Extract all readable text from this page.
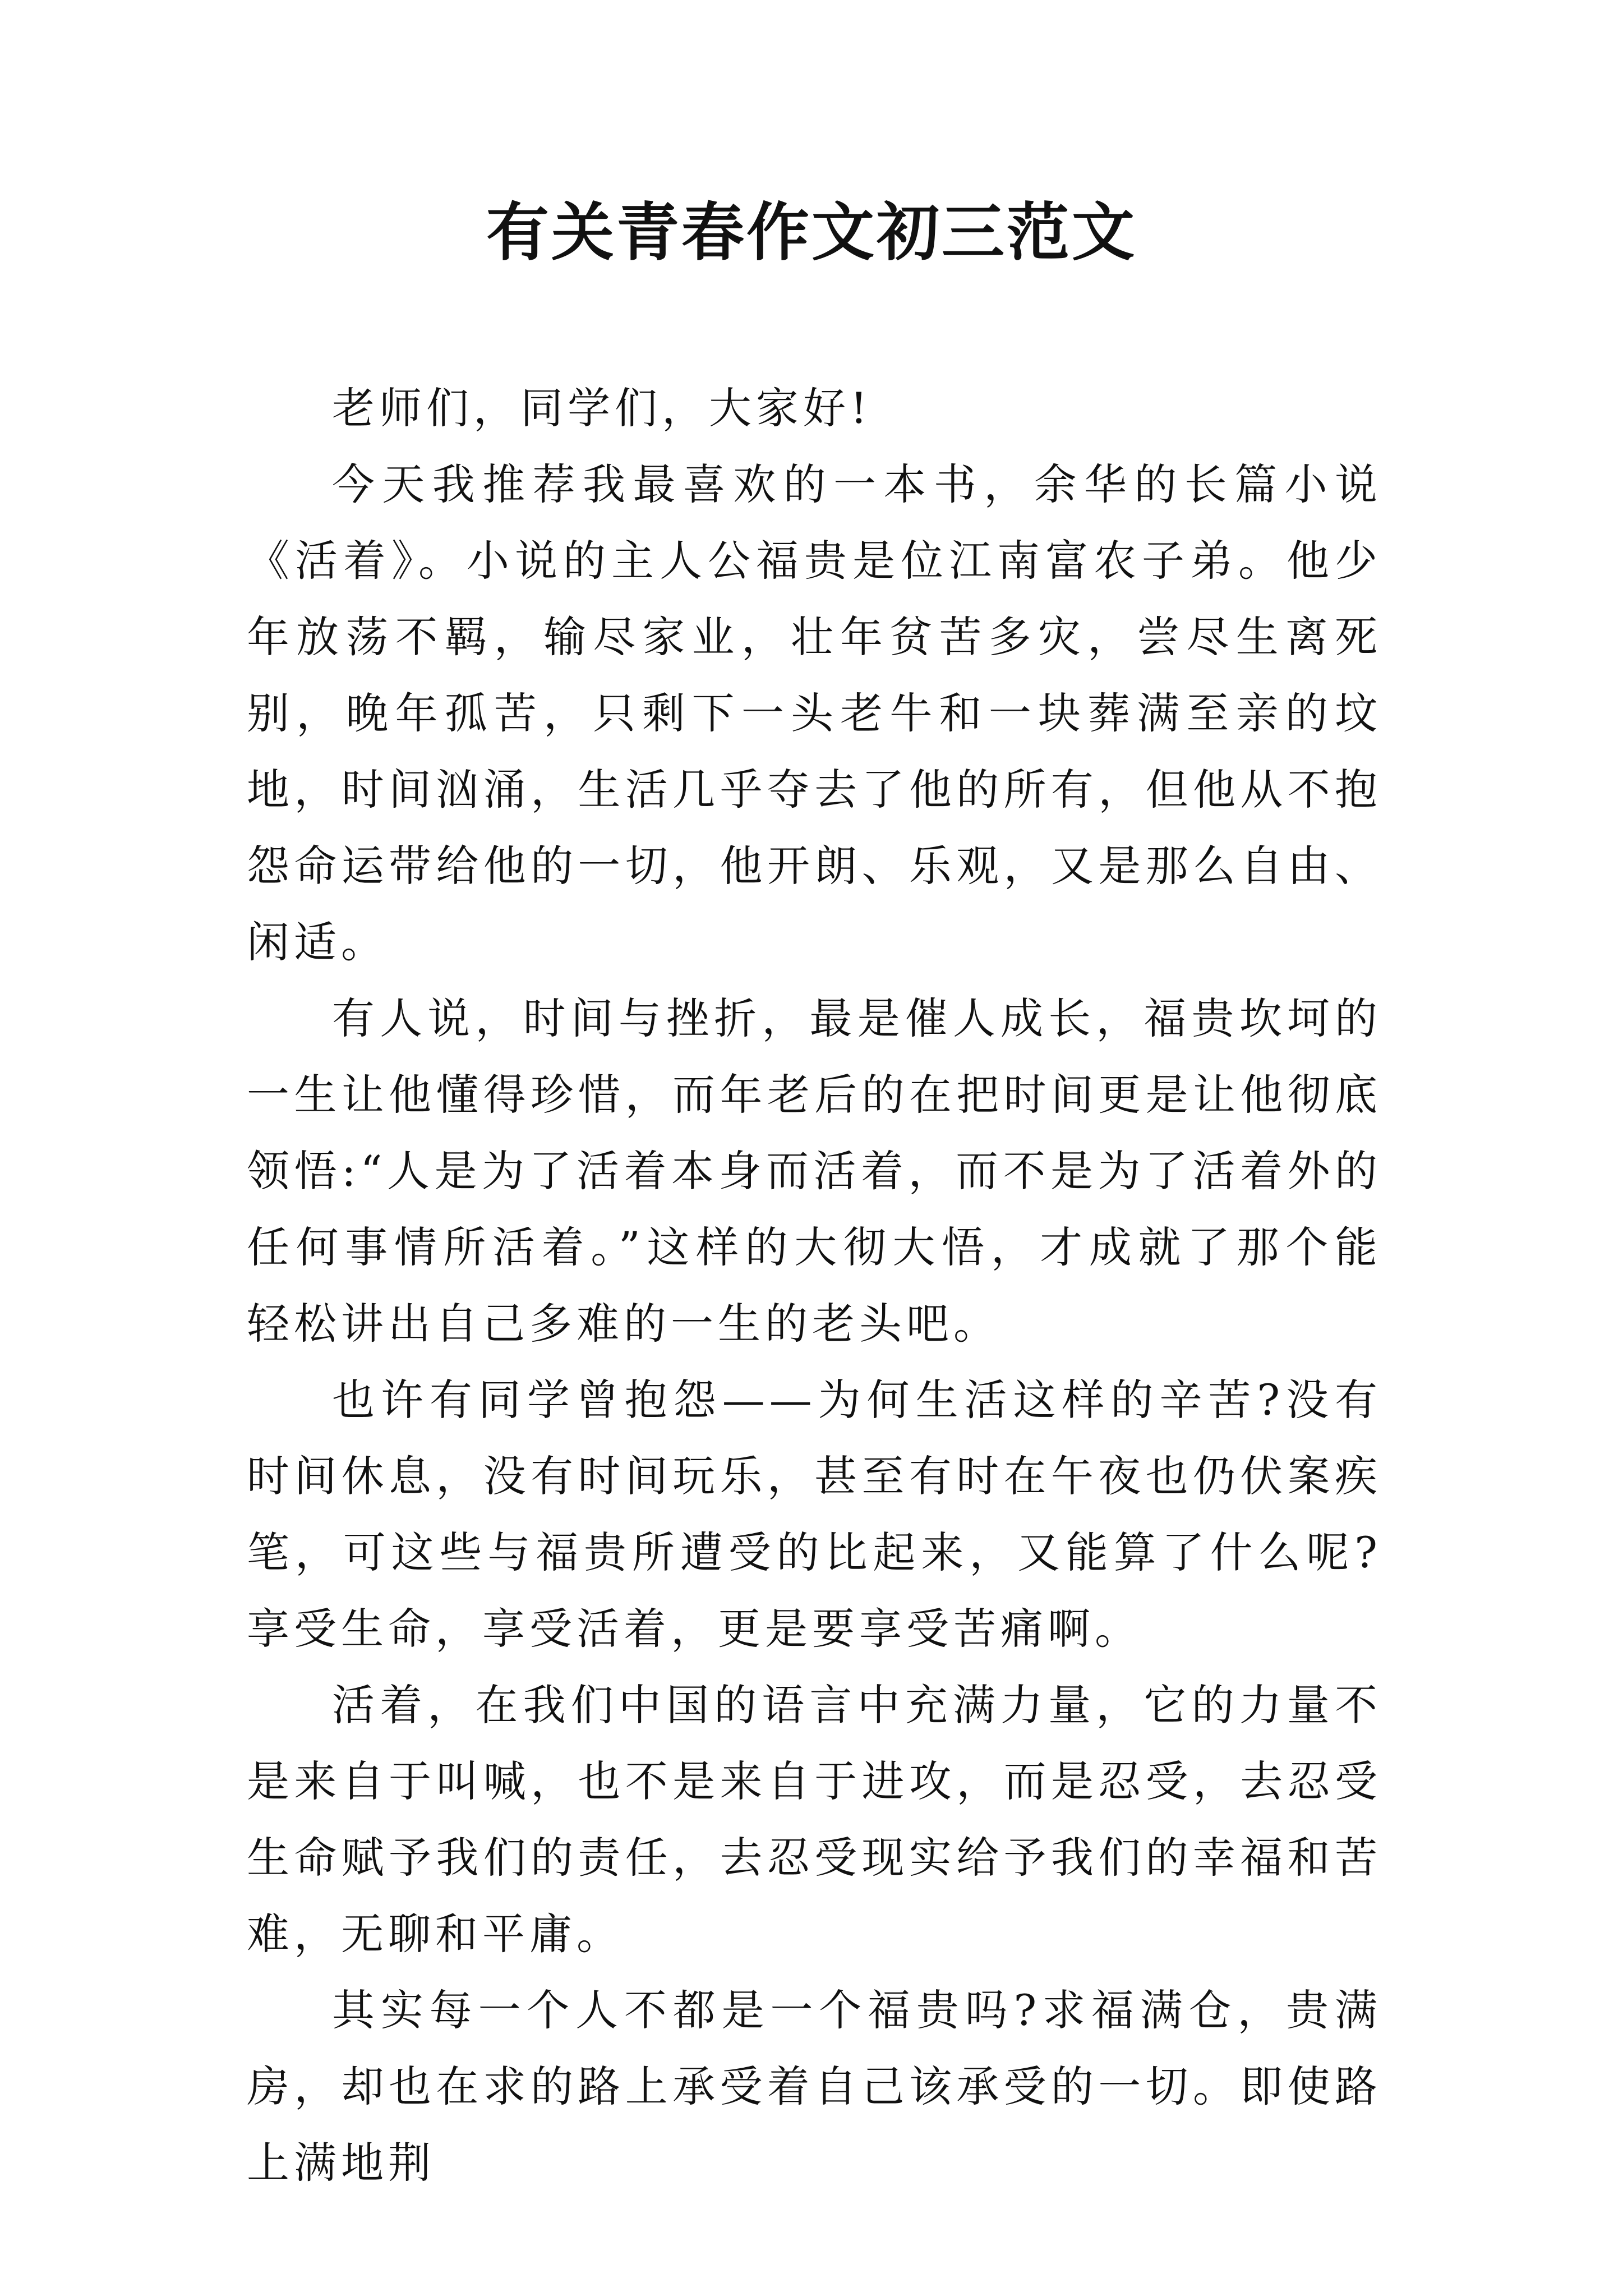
有关青春作文初三范文

老师们，同学们，大家好!

今天我推荐我最喜欢的一本书，余华的长篇小说《活着》。小说的主人公福贵是位江南富农子弟。他少年放荡不羁，输尽家业，壮年贫苦多灾，尝尽生离死别，晚年孤苦，只剩下一头老牛和一块葬满至亲的坟地，时间汹涌，生活几乎夺去了他的所有，但他从不抱怨命运带给他的一切，他开朗、乐观，又是那么自由、闲适。

有人说，时间与挫折，最是催人成长，福贵坎坷的一生让他懂得珍惜，而年老后的在把时间更是让他彻底领悟:“人是为了活着本身而活着，而不是为了活着外的任何事情所活着。”这样的大彻大悟，才成就了那个能轻松讲出自己多难的一生的老头吧。

也许有同学曾抱怨——为何生活这样的辛苦?没有时间休息，没有时间玩乐，甚至有时在午夜也仍伏案疾笔，可这些与福贵所遭受的比起来，又能算了什么呢?享受生命，享受活着，更是要享受苦痛啊。

活着，在我们中国的语言中充满力量，它的力量不是来自于叫喊，也不是来自于进攻，而是忍受，去忍受生命赋予我们的责任，去忍受现实给予我们的幸福和苦难，无聊和平庸。

其实每一个人不都是一个福贵吗?求福满仓，贵满房，却也在求的路上承受着自己该承受的一切。即使路上满地荆
